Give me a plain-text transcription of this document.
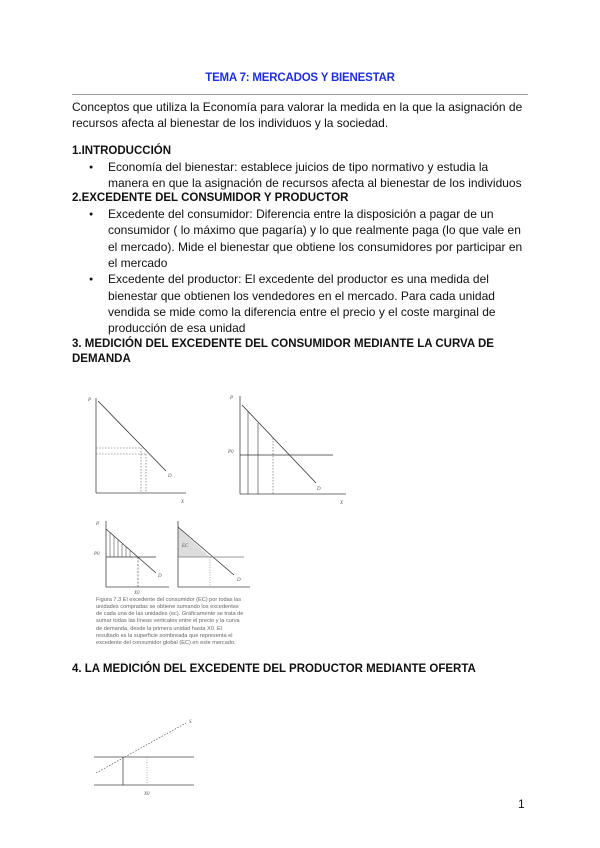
TEMA 7: MERCADOS Y BIENESTAR
Conceptos que utiliza la Economía para valorar la medida en la que la asignación de recursos afecta al bienestar de los individuos y la sociedad.
1.INTRODUCCIÓN
● Economía del bienestar: establece juicios de tipo normativo y estudia la manera en que la asignación de recursos afecta al bienestar de los individuos
2.EXCEDENTE DEL CONSUMIDOR Y PRODUCTOR
● Excedente del consumidor: Diferencia entre la disposición a pagar de un consumidor ( lo máximo que pagaría) y lo que realmente paga (lo que vale en el mercado). Mide el bienestar que obtiene los consumidores por participar en el mercado
● Excedente del productor: El excedente del productor es una medida del bienestar que obtienen los vendedores en el mercado. Para cada unidad vendida se mide como la diferencia entre el precio y el coste marginal de producción de esa unidad
3. MEDICIÓN DEL EXCEDENTE DEL CONSUMIDOR MEDIANTE LA CURVA DE DEMANDA
P
D
X
P
P0
D
X
P
P0
X0
D
EC
D
Figura 7.3 El excedente del consumidor (EC) por todas las unidades compradas se obtiene sumando los excedentes de cada una de las unidades (ec). Gráficamente se trata de sumar todas las líneas verticales entre el precio y la curva de demanda, desde la primera unidad hasta X0. El resultado es la superficie sombreada que representa el excedente del consumidor global (EC) en este mercado.
4. LA MEDICIÓN DEL EXCEDENTE DEL PRODUCTOR MEDIANTE OFERTA
S
X0
1
